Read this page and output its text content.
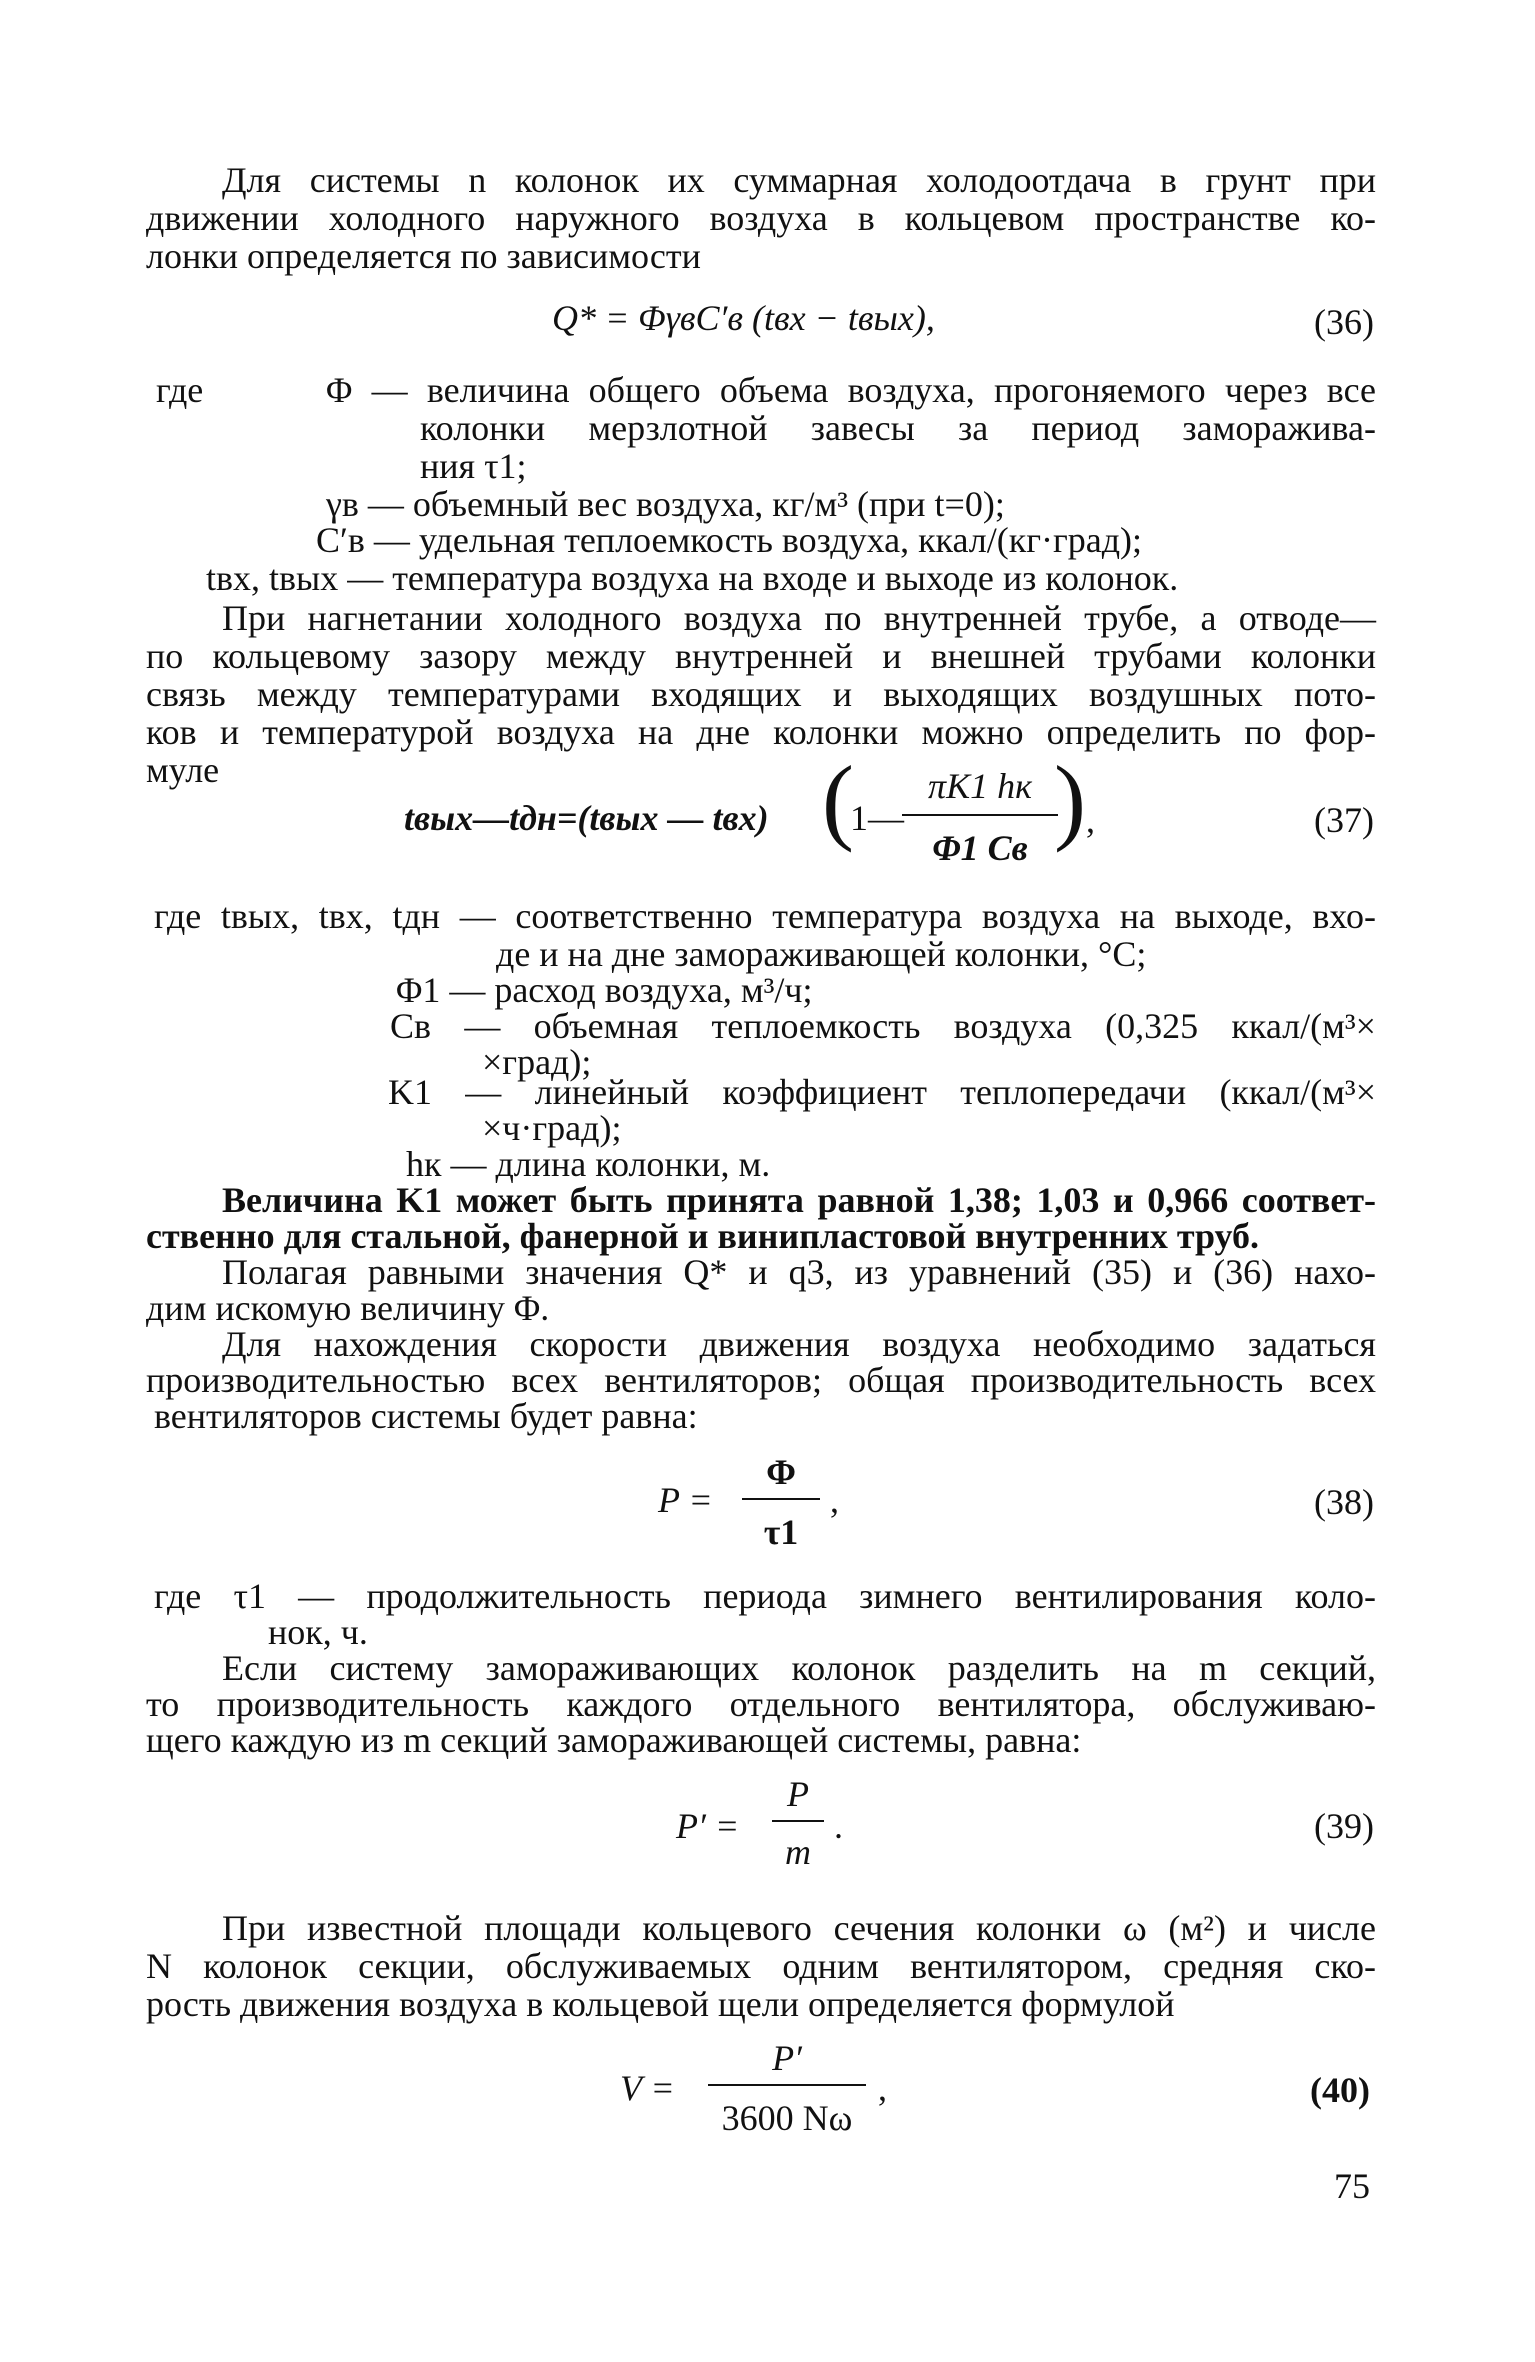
Для системы n колонок их суммарная холодоотдача в грунт при
движении холодного наружного воздуха в кольцевом пространстве ко-
лонки определяется по зависимости
Q* = ΦγвC′в (tвх − tвых),	(36)
где	Φ — величина общего объема воздуха, прогоняемого через все
колонки мерзлотной завесы за период заморажива-
ния τ1;
γв — объемный вес воздуха, кг/м³ (при t=0);
C′в — удельная теплоемкость воздуха, ккал/(кг·град);
tвх, tвых — температура воздуха на входе и выходе из колонок.
При нагнетании холодного воздуха по внутренней трубе, а отводе—
по кольцевому зазору между внутренней и внешней трубами колонки
связь между температурами входящих и выходящих воздушных пото-
ков и температурой воздуха на дне колонки можно определить по фор-
муле
tвых—tдн=(tвых — tвх) (
1—
πK1 hк
Φ1 Cв ) ,	(37)
где tвых, tвх, tдн — соответственно температура воздуха на выходе, вхо-
де и на дне замораживающей колонки, °С;
Φ1 — расход воздуха, м³/ч;
Cв — объемная теплоемкость воздуха (0,325 ккал/(м³×
×град);
K1 — линейный коэффициент теплопередачи (ккал/(м³×
×ч·град);
hк — длина колонки, м.
Величина K1 может быть принята равной 1,38; 1,03 и 0,966 соответ-
ственно для стальной, фанерной и винипластовой внутренних труб.
Полагая равными значения Q* и q3, из уравнений (35) и (36) нахо-
дим искомую величину Φ.
Для нахождения скорости движения воздуха необходимо задаться
производительностью всех вентиляторов; общая производительность всех
вентиляторов системы будет равна:
P =
Φ
τ1
,	(38)
где τ1 — продолжительность периода зимнего вентилирования коло-
нок, ч.
Если систему замораживающих колонок разделить на m секций,
то производительность каждого отдельного вентилятора, обслуживаю-
щего каждую из m секций замораживающей системы, равна:
P′ =
P
m
.	(39)
При известной площади кольцевого сечения колонки ω (м²) и числе
N колонок секции, обслуживаемых одним вентилятором, средняя ско-
рость движения воздуха в кольцевой щели определяется формулой
V =
P′
3600 Nω
,	(40)
75
